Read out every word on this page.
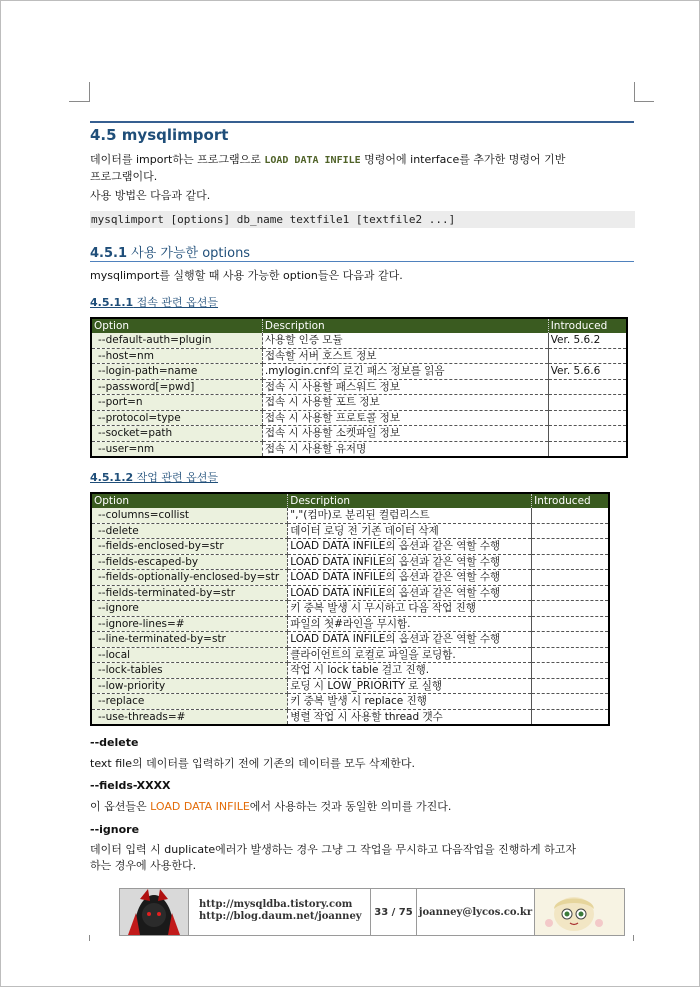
4.5 mysqlimport
데이터를 import하는 프로그램으로 LOAD DATA INFILE 명령어에 interface를 추가한 명령어 기반
프로그램이다.
사용 방법은 다음과 같다.
mysqlimport [options] db_name textfile1 [textfile2 ...]
4.5.1 사용 가능한 options
mysqlimport를 실행할 때 사용 가능한 option들은 다음과 같다.
4.5.1.1 접속 관련 옵션들
Option	Description	Introduced
--default-auth=plugin	사용할 인증 모듈	Ver. 5.6.2
--host=nm	접속할 서버 호스트 정보	
--login-path=name	.mylogin.cnf의 로긴 패스 정보를 읽음	Ver. 5.6.6
--password[=pwd]	접속 시 사용할 패스워드 정보	
--port=n	접속 시 사용할 포트 정보	
--protocol=type	접속 시 사용할 프로토콜 정보	
--socket=path	접속 시 사용할 소켓파일 정보	
--user=nm	접속 시 사용할 유저명	
4.5.1.2 작업 관련 옵션들
Option	Description	Introduced
--columns=collist	","(컴마)로 분리된 컬럼리스트	
--delete	데이터 로딩 전 기존 데이터 삭제	
--fields-enclosed-by=str	LOAD DATA INFILE의 옵션과 같은 역할 수행	
--fields-escaped-by	LOAD DATA INFILE의 옵션과 같은 역할 수행	
--fields-optionally-enclosed-by=str	LOAD DATA INFILE의 옵션과 같은 역할 수행	
--fields-terminated-by=str	LOAD DATA INFILE의 옵션과 같은 역할 수행	
--ignore	키 중복 발생 시 무시하고 다음 작업 진행	
--ignore-lines=#	파일의 첫#라인을 무시함.	
--line-terminated-by=str	LOAD DATA INFILE의 옵션과 같은 역할 수행	
--local	클라이언트의 로컬로 파일을 로딩함.	
--lock-tables	작업 시 lock table 걸고 진행.	
--low-priority	로딩 시 LOW_PRIORITY 로 실행	
--replace	키 중복 발생 시 replace 진행	
--use-threads=#	병렬 작업 시 사용할 thread 갯수	
--delete
text file의 데이터를 입력하기 전에 기존의 데이터를 모두 삭제한다.
--fields-XXXX
이 옵션들은 LOAD DATA INFILE에서 사용하는 것과 동일한 의미를 가진다.
--ignore
데이터 입력 시 duplicate에러가 발생하는 경우 그냥 그 작업을 무시하고 다음작업을 진행하게 하고자
하는 경우에 사용한다.
http://mysqldba.tistory.com
http://blog.daum.net/joanney	33 / 75 joanney@lycos.co.kr
